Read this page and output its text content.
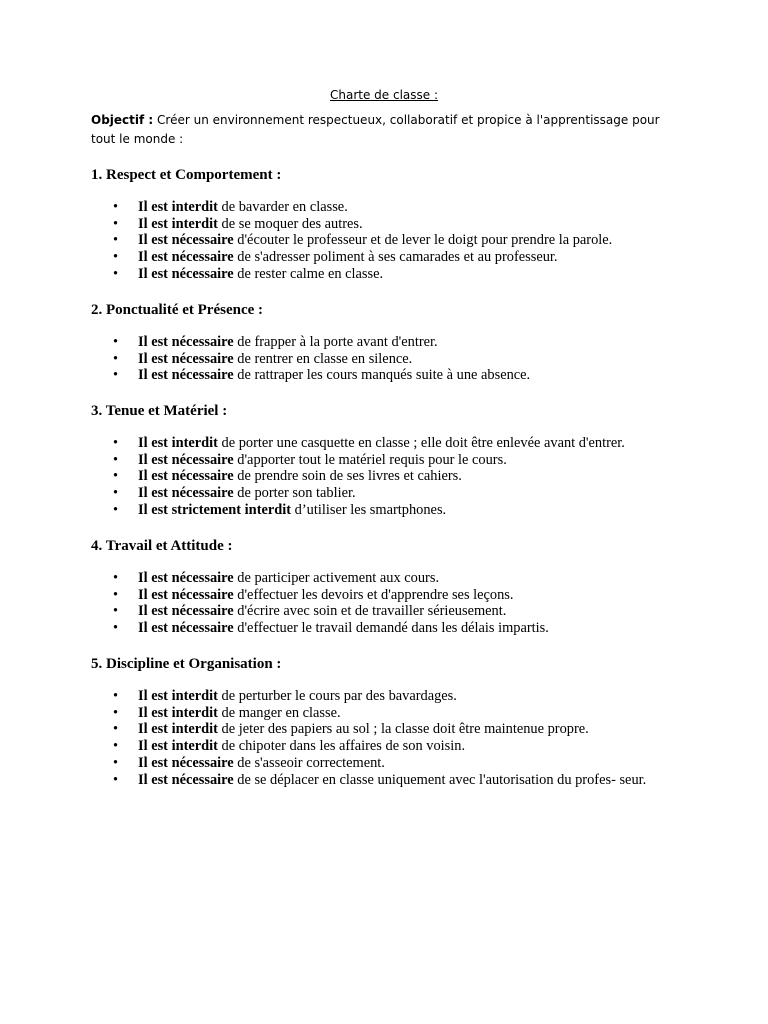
Charte de classe :
Objectif : Créer un environnement respectueux, collaboratif et propice à l'apprentissage pour tout le monde :
1. Respect et Comportement :
•	Il est interdit de bavarder en classe.
•	Il est interdit de se moquer des autres.
•	Il est nécessaire d'écouter le professeur et de lever le doigt pour prendre la parole.
•	Il est nécessaire de s'adresser poliment à ses camarades et au professeur.
•	Il est nécessaire de rester calme en classe.
2. Ponctualité et Présence :
•	Il est nécessaire de frapper à la porte avant d'entrer.
•	Il est nécessaire de rentrer en classe en silence.
•	Il est nécessaire de rattraper les cours manqués suite à une absence.
3. Tenue et Matériel :
•	Il est interdit de porter une casquette en classe ; elle doit être enlevée avant d'entrer.
•	Il est nécessaire d'apporter tout le matériel requis pour le cours.
•	Il est nécessaire de prendre soin de ses livres et cahiers.
•	Il est nécessaire de porter son tablier.
•	Il est strictement interdit d’utiliser les smartphones.
4. Travail et Attitude :
•	Il est nécessaire de participer activement aux cours.
•	Il est nécessaire d'effectuer les devoirs et d'apprendre ses leçons.
•	Il est nécessaire d'écrire avec soin et de travailler sérieusement.
•	Il est nécessaire d'effectuer le travail demandé dans les délais impartis.
5. Discipline et Organisation :
•	Il est interdit de perturber le cours par des bavardages.
•	Il est interdit de manger en classe.
•	Il est interdit de jeter des papiers au sol ; la classe doit être maintenue propre.
•	Il est interdit de chipoter dans les affaires de son voisin.
•	Il est nécessaire de s'asseoir correctement.
•	Il est nécessaire de se déplacer en classe uniquement avec l'autorisation du profes- seur.
